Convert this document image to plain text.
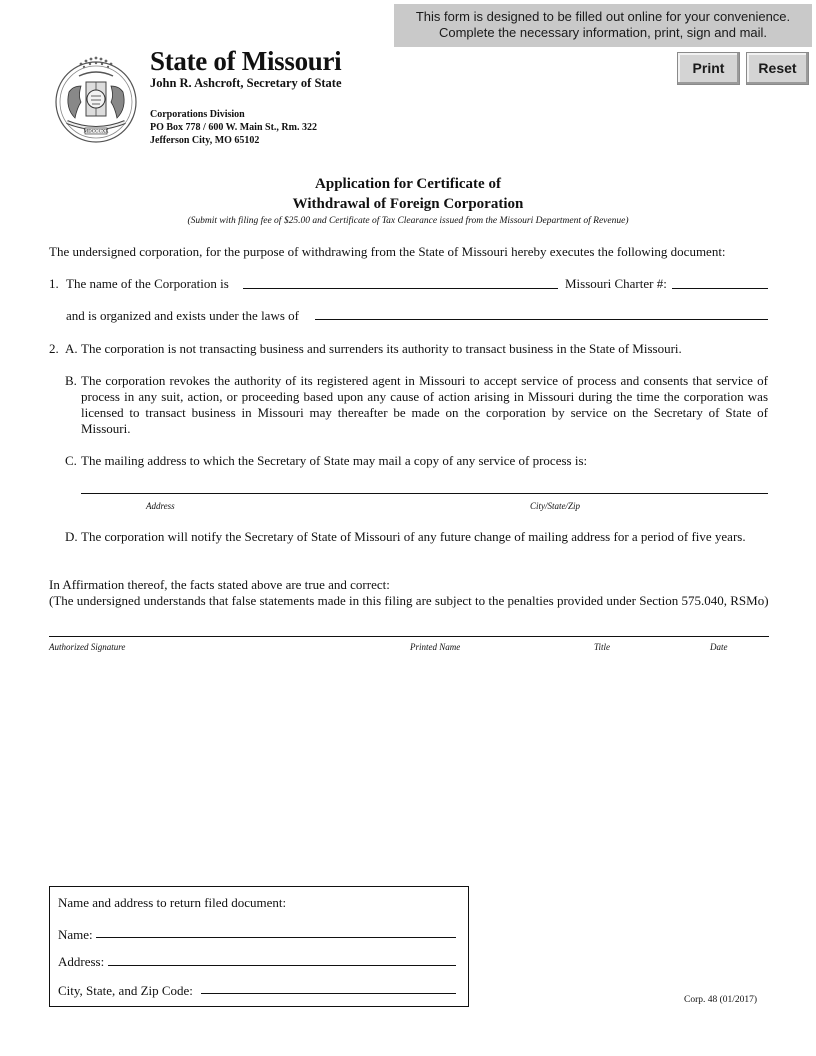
This form is designed to be filled out online for your convenience.
Complete the necessary information, print, sign and mail.
Print	Reset
MDCCCXX
State of Missouri
John R. Ashcroft, Secretary of State
Corporations Division
PO Box 778 / 600 W. Main St., Rm. 322
Jefferson City, MO 65102
Application for Certificate of
Withdrawal of Foreign Corporation
(Submit with filing fee of $25.00 and Certificate of Tax Clearance issued from the Missouri Department of Revenue)
The undersigned corporation, for the purpose of withdrawing from the State of Missouri hereby executes the following document:
1. The name of the Corporation is	Missouri Charter #:
and is organized and exists under the laws of
2. A. The corporation is not transacting business and surrenders its authority to transact business in the State of Missouri.
B. The corporation revokes the authority of its registered agent in Missouri to accept service of process and consents that service of process in any suit, action, or proceeding based upon any cause of action arising in Missouri during the time the corporation was licensed to transact business in Missouri may thereafter be made on the corporation by service on the Secretary of State of Missouri.
C. The mailing address to which the Secretary of State may mail a copy of any service of process is:
Address	City/State/Zip
D. The corporation will notify the Secretary of State of Missouri of any future change of mailing address for a period of five years.
In Affirmation thereof, the facts stated above are true and correct:
(The undersigned understands that false statements made in this filing are subject to the penalties provided under Section 575.040, RSMo)
Authorized Signature	Printed Name	Title	Date
Name and address to return filed document:
Name:
Address:
City, State, and Zip Code:
Corp. 48 (01/2017)
